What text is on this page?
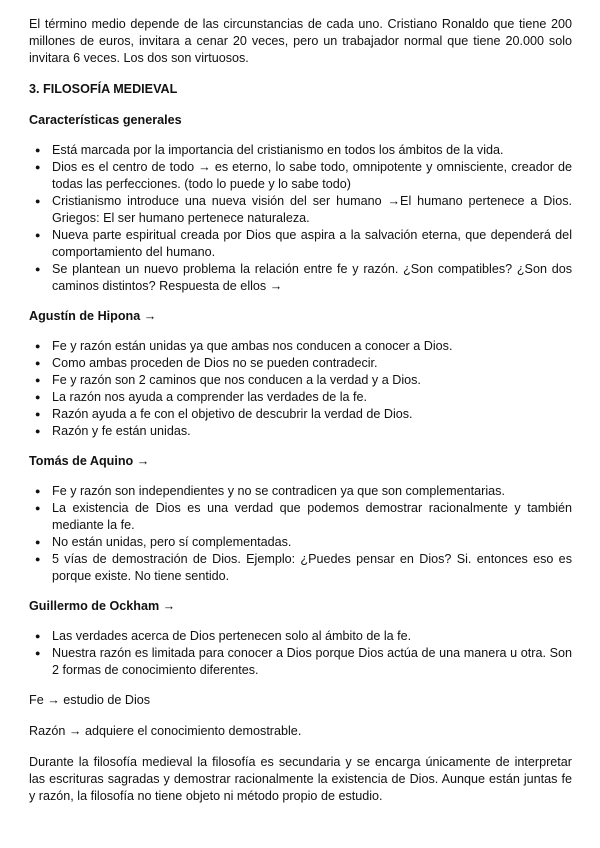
El término medio depende de las circunstancias de cada uno. Cristiano Ronaldo que tiene 200 millones de euros, invitara a cenar 20 veces, pero un trabajador normal que tiene 20.000 solo invitara 6 veces. Los dos son virtuosos.

3. FILOSOFÍA MEDIEVAL
Características generales
● Está marcada por la importancia del cristianismo en todos los ámbitos de la vida.
● Dios es el centro de todo → es eterno, lo sabe todo, omnipotente y omnisciente, creador de todas las perfecciones. (todo lo puede y lo sabe todo)
● Cristianismo introduce una nueva visión del ser humano →El humano pertenece a Dios. Griegos: El ser humano pertenece naturaleza.
● Nueva parte espiritual creada por Dios que aspira a la salvación eterna, que dependerá del comportamiento del humano.
● Se plantean un nuevo problema la relación entre fe y razón. ¿Son compatibles? ¿Son dos caminos distintos? Respuesta de ellos →
Agustín de Hipona →
● Fe y razón están unidas ya que ambas nos conducen a conocer a Dios.
● Como ambas proceden de Dios no se pueden contradecir.
● Fe y razón son 2 caminos que nos conducen a la verdad y a Dios.
● La razón nos ayuda a comprender las verdades de la fe.
● Razón ayuda a fe con el objetivo de descubrir la verdad de Dios.
● Razón y fe están unidas.
Tomás de Aquino →
● Fe y razón son independientes y no se contradicen ya que son complementarias.
● La existencia de Dios es una verdad que podemos demostrar racionalmente y también mediante la fe.
● No están unidas, pero sí complementadas.
● 5 vías de demostración de Dios. Ejemplo: ¿Puedes pensar en Dios? Si. entonces eso es porque existe. No tiene sentido.
Guillermo de Ockham →
● Las verdades acerca de Dios pertenecen solo al ámbito de la fe.
● Nuestra razón es limitada para conocer a Dios porque Dios actúa de una manera u otra. Son 2 formas de conocimiento diferentes.

Fe → estudio de Dios

Razón → adquiere el conocimiento demostrable.

Durante la filosofía medieval la filosofía es secundaria y se encarga únicamente de interpretar las escrituras sagradas y demostrar racionalmente la existencia de Dios. Aunque están juntas fe y razón, la filosofía no tiene objeto ni método propio de estudio.
